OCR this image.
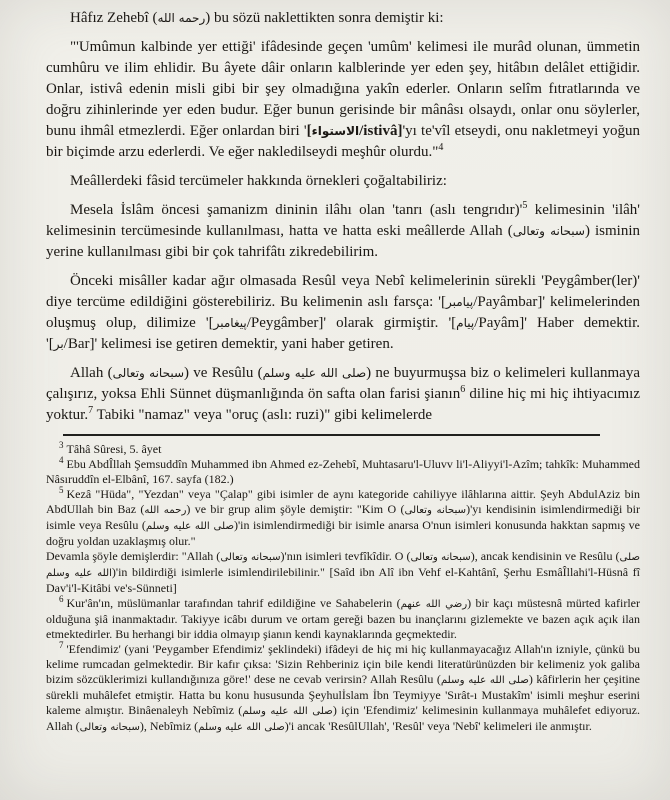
Hâfız Zehebî (رحمه الله) bu sözü naklettikten sonra demiştir ki:

"'Umûmun kalbinde yer ettiği' ifâdesinde geçen 'umûm' kelimesi ile murâd olunan, ümmetin cumhûru ve ilim ehlidir. Bu âyete dâir onların kalblerinde yer eden şey, hitâbın delâlet ettiğidir. Onlar, istivâ edenin misli gibi bir şey olmadığına yakîn ederler. Onların selîm fıtratlarında ve doğru zihinlerinde yer eden budur. Eğer bunun gerisinde bir mânâsı olsaydı, onlar onu söylerler, bunu ihmâl etmezlerdi. Eğer onlardan biri '[الاستواء/istivâ]'yı te'vîl etseydi, onu nakletmeyi yoğun bir biçimde arzu ederlerdi. Ve eğer nakledilseydi meşhûr olurdu."$^4$

Meâllerdeki fâsid tercümeler hakkında örnekleri çoğaltabiliriz:

Mesela İslâm öncesi şamanizm dininin ilâhı olan 'tanrı (aslı tengrıdır)'$^5$ kelimesinin 'ilâh' kelimesinin tercümesinde kullanılması, hatta ve hatta eski meâllerde Allah (سبحانه وتعالى) isminin yerine kullanılması gibi bir çok tahrifâtı zikredebilirim.

Önceki misâller kadar ağır olmasada Resûl veya Nebî kelimelerinin sürekli 'Peygâmber(ler)' diye tercüme edildiğini gösterebiliriz. Bu kelimenin aslı farsça: '[پيامبر/Payâmbar]' kelimelerinden oluşmuş olup, dilimize '[پيغامبر/Peygâmber]' olarak girmiştir. '[پيام/Payâm]' Haber demektir. '[بر/Bar]' kelimesi ise getiren demektir, yani haber getiren.

Allah (سبحانه وتعالى) ve Resûlu (صلى الله عليه وسلم) ne buyurmuşsa biz o kelimeleri kullanmaya çalışırız, yoksa Ehli Sünnet düşmanlığında ön safta olan farisi şianın$^6$ diline hiç mi hiç ihtiyacımız yoktur.$^7$ Tabiki "namaz" veya "oruç (aslı: ruzi)" gibi kelimelerde

$^3$ Tâhâ Sûresi, 5. âyet

$^4$ Ebu AbdÎllah Şemsuddîn Muhammed ibn Ahmed ez-Zehebî, Muhtasaru'l-Uluvv li'l-Aliyyi'l-Azîm; tahkîk: Muhammed Nâsıruddîn el-Elbânî, 167. sayfa (182.)

$^5$ Kezâ "Hüda", "Yezdan" veya "Çalap" gibi isimler de aynı kategoride cahiliyye ilâhlarına aittir. Şeyh AbdulAziz bin AbdUllah bin Baz (رحمه الله) ve bir grup alim şöyle demiştir: "Kim O (سبحانه وتعالى)'yı kendisinin isimlendirmediği bir isimle veya Resûlu (صلى الله عليه وسلم)'in isimlendirmediği bir isimle anarsa O'nun isimleri konusunda hakktan sapmış ve doğru yoldan uzaklaşmış olur."

Devamla şöyle demişlerdir: "Allah (سبحانه وتعالى)'nın isimleri tevfîkîdir. O (سبحانه وتعالى), ancak kendisinin ve Resûlu (صلى الله عليه وسلم)'in bildirdiği isimlerle isimlendirilebilinir." [Saîd ibn Alî ibn Vehf el-Kahtânî, Şerhu EsmâÎllahi'l-Hüsnâ fî Dav'i'l-Kitâbi ve's-Sünneti]

$^6$ Kur'ân'ın, müslümanlar tarafından tahrif edildiğine ve Sahabelerin (رضي الله عنهم) bir kaçı müstesnâ mürted kafirler olduğuna şiâ inanmaktadır. Takiyye icâbı durum ve ortam gereği bazen bu inançlarını gizlemekte ve bazen açık açık ilan etmektedirler. Bu herhangi bir iddia olmayıp şianın kendi kaynaklarında geçmektedir.

$^7$ 'Efendimiz' (yani 'Peygamber Efendimiz' şeklindeki) ifâdeyi de hiç mi hiç kullanmayacağız Allah'ın izniyle, çünkü bu kelime rumcadan gelmektedir. Bir kafır çıksa: 'Sizin Rehberiniz için bile kendi literatürünüzden bir kelimeniz yok galiba bizim sözcüklerimizi kullandığınıza göre!' dese ne cevab verirsin? Allah Resûlu (صلى الله عليه وسلم) kâfirlerin her çeşitine sürekli muhâlefet etmiştir. Hatta bu konu hususunda Şeyhulİslam İbn Teymiyye 'Sırât-ı Mustakîm' isimli meşhur eserini kaleme almıştır. Binâenaleyh Nebîmiz (صلى الله عليه وسلم) için 'Efendimiz' kelimesinin kullanmaya muhâlefet ediyoruz. Allah (سبحانه وتعالى), Nebîmiz (صلى الله عليه وسلم)'i ancak 'ResûlUllah', 'Resûl' veya 'Nebî' kelimeleri ile anmıştır.
